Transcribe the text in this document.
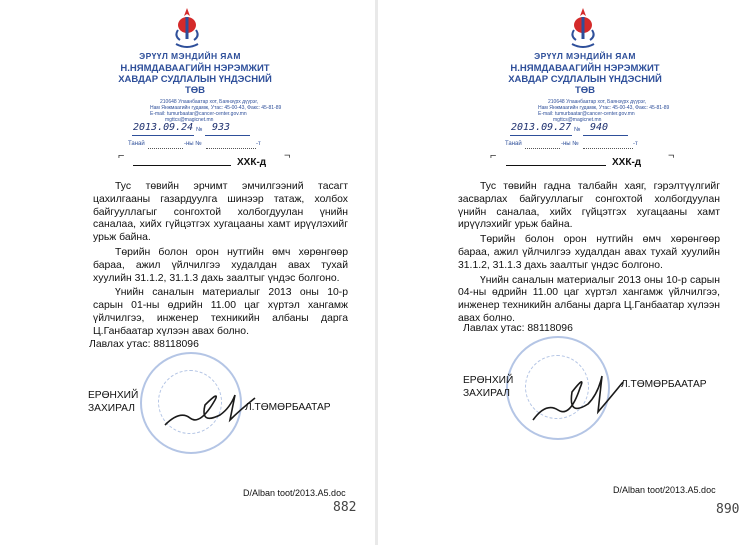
ЭРҮҮЛ МЭНДИЙН ЯАМ
Н.НЯМДАВААГИЙН НЭРЭМЖИТ
ХАВДАР СУДЛАЛЫН ҮНДЭСНИЙ
ТӨВ
210648 Улаанбаатар хот, Баянзүрх дүүрэг,
Нам Янжмаагийн гудамж, Утас: 45-00-43, Факс: 45-81-89
E-mail: tumurbaatar@cancer-center.gov.mn
mgttcs@magicnet.mn
2013.09.24 № 933
Танай	-ны №	-т
⌐	¬
ХХК-д

Тус төвийн эрчимт эмчилгээний тасагт цахилгааны газардуулга шинээр татаж, холбох байгууллагыг сонгохтой холбогдуулан үнийн саналаа, хийх гүйцэтгэх хугацааны хамт ирүүлэхийг урьж байна.

Төрийн болон орон нутгийн өмч хөрөнгөөр бараа, ажил үйлчилгээ худалдан авах тухай хуулийн 31.1.2, 31.1.3 дахь заалтыг үндэс болгоно.

Үнийн саналын материалыг 2013 оны 10-р сарын 01-ны өдрийн 11.00 цаг хүртэл хангамж үйлчилгээ, инженер техникийн албаны дарга Ц.Ганбаатар хүлээн авах болно.

Лавлах утас: 88118096
ЕРӨНХИЙ
ЗАХИРАЛ	Л.ТӨМӨРБААТАР
D/Alban toot/2013.A5.doc
882
ЭРҮҮЛ МЭНДИЙН ЯАМ
Н.НЯМДАВААГИЙН НЭРЭМЖИТ
ХАВДАР СУДЛАЛЫН ҮНДЭСНИЙ
ТӨВ
210648 Улаанбаатар хот, Баянзүрх дүүрэг,
Нам Янжмаагийн гудамж, Утас: 45-00-43, Факс: 45-81-89
E-mail: tumurbaatar@cancer-center.gov.mn
mgttcs@magicnet.mn
2013.09.27 № 940
Танай	-ны №	-т
⌐	¬
ХХК-д

Тус төвийн гадна талбайн хаяг, гэрэлтүүлгийг засварлах байгууллагыг сонгохтой холбогдуулан үнийн саналаа, хийх гүйцэтгэх хугацааны хамт ирүүлэхийг урьж байна.

Төрийн болон орон нутгийн өмч хөрөнгөөр бараа, ажил үйлчилгээ худалдан авах тухай хуулийн 31.1.2, 31.1.3 дахь заалтыг үндэс болгоно.

Үнийн саналын материалыг 2013 оны 10-р сарын 04-ны өдрийн 11.00 цаг хүртэл хангамж үйлчилгээ, инженер техникийн албаны дарга Ц.Ганбаатар хүлээн авах болно.

Лавлах утас: 88118096
ЕРӨНХИЙ
ЗАХИРАЛ
Л.ТӨМӨРБААТАР
D/Alban toot/2013.A5.doc
890
